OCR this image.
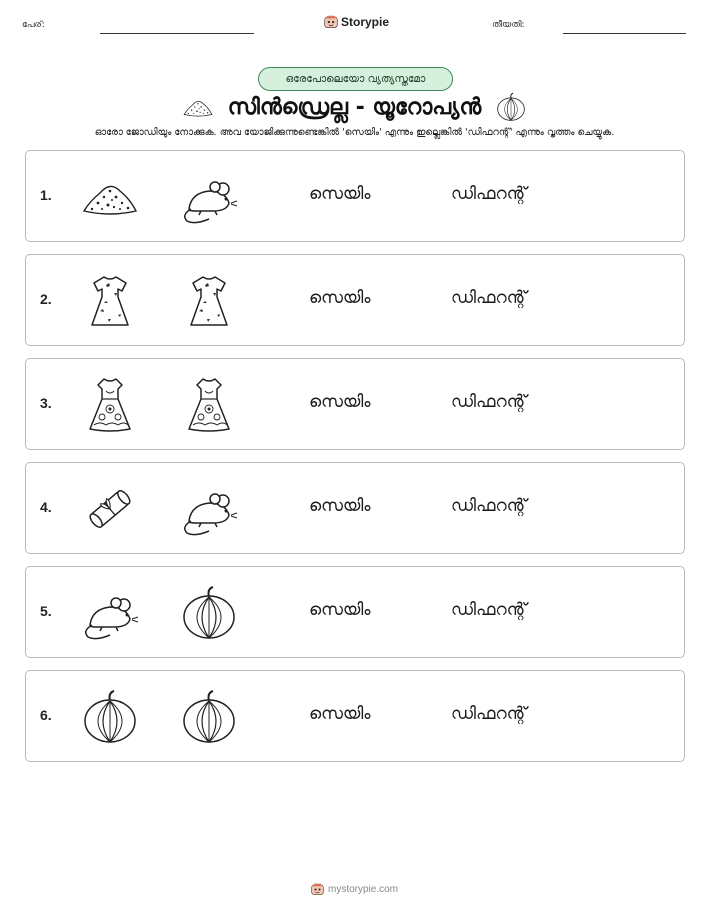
പേര്:	Storypie	തീയതി:
ഒരേപോലെയോ വ്യത്യസ്തമോ
സിൻഡ്രെല്ല - യൂറോപ്യൻ
ഓരോ ജോഡിയും നോക്കുക. അവ യോജിക്കുന്നുണ്ടെങ്കിൽ 'സെയിം' എന്നും ഇല്ലെങ്കിൽ 'ഡിഫറന്റ്' എന്നും വൃത്തം ചെയ്യുക.
1.	സെയിം	ഡിഫറന്റ്
2.	സെയിം	ഡിഫറന്റ്
3.	സെയിം	ഡിഫറന്റ്
4.	സെയിം	ഡിഫറന്റ്
5.	സെയിം	ഡിഫറന്റ്
6.	സെയിം	ഡിഫറന്റ്
mystorypie.com
